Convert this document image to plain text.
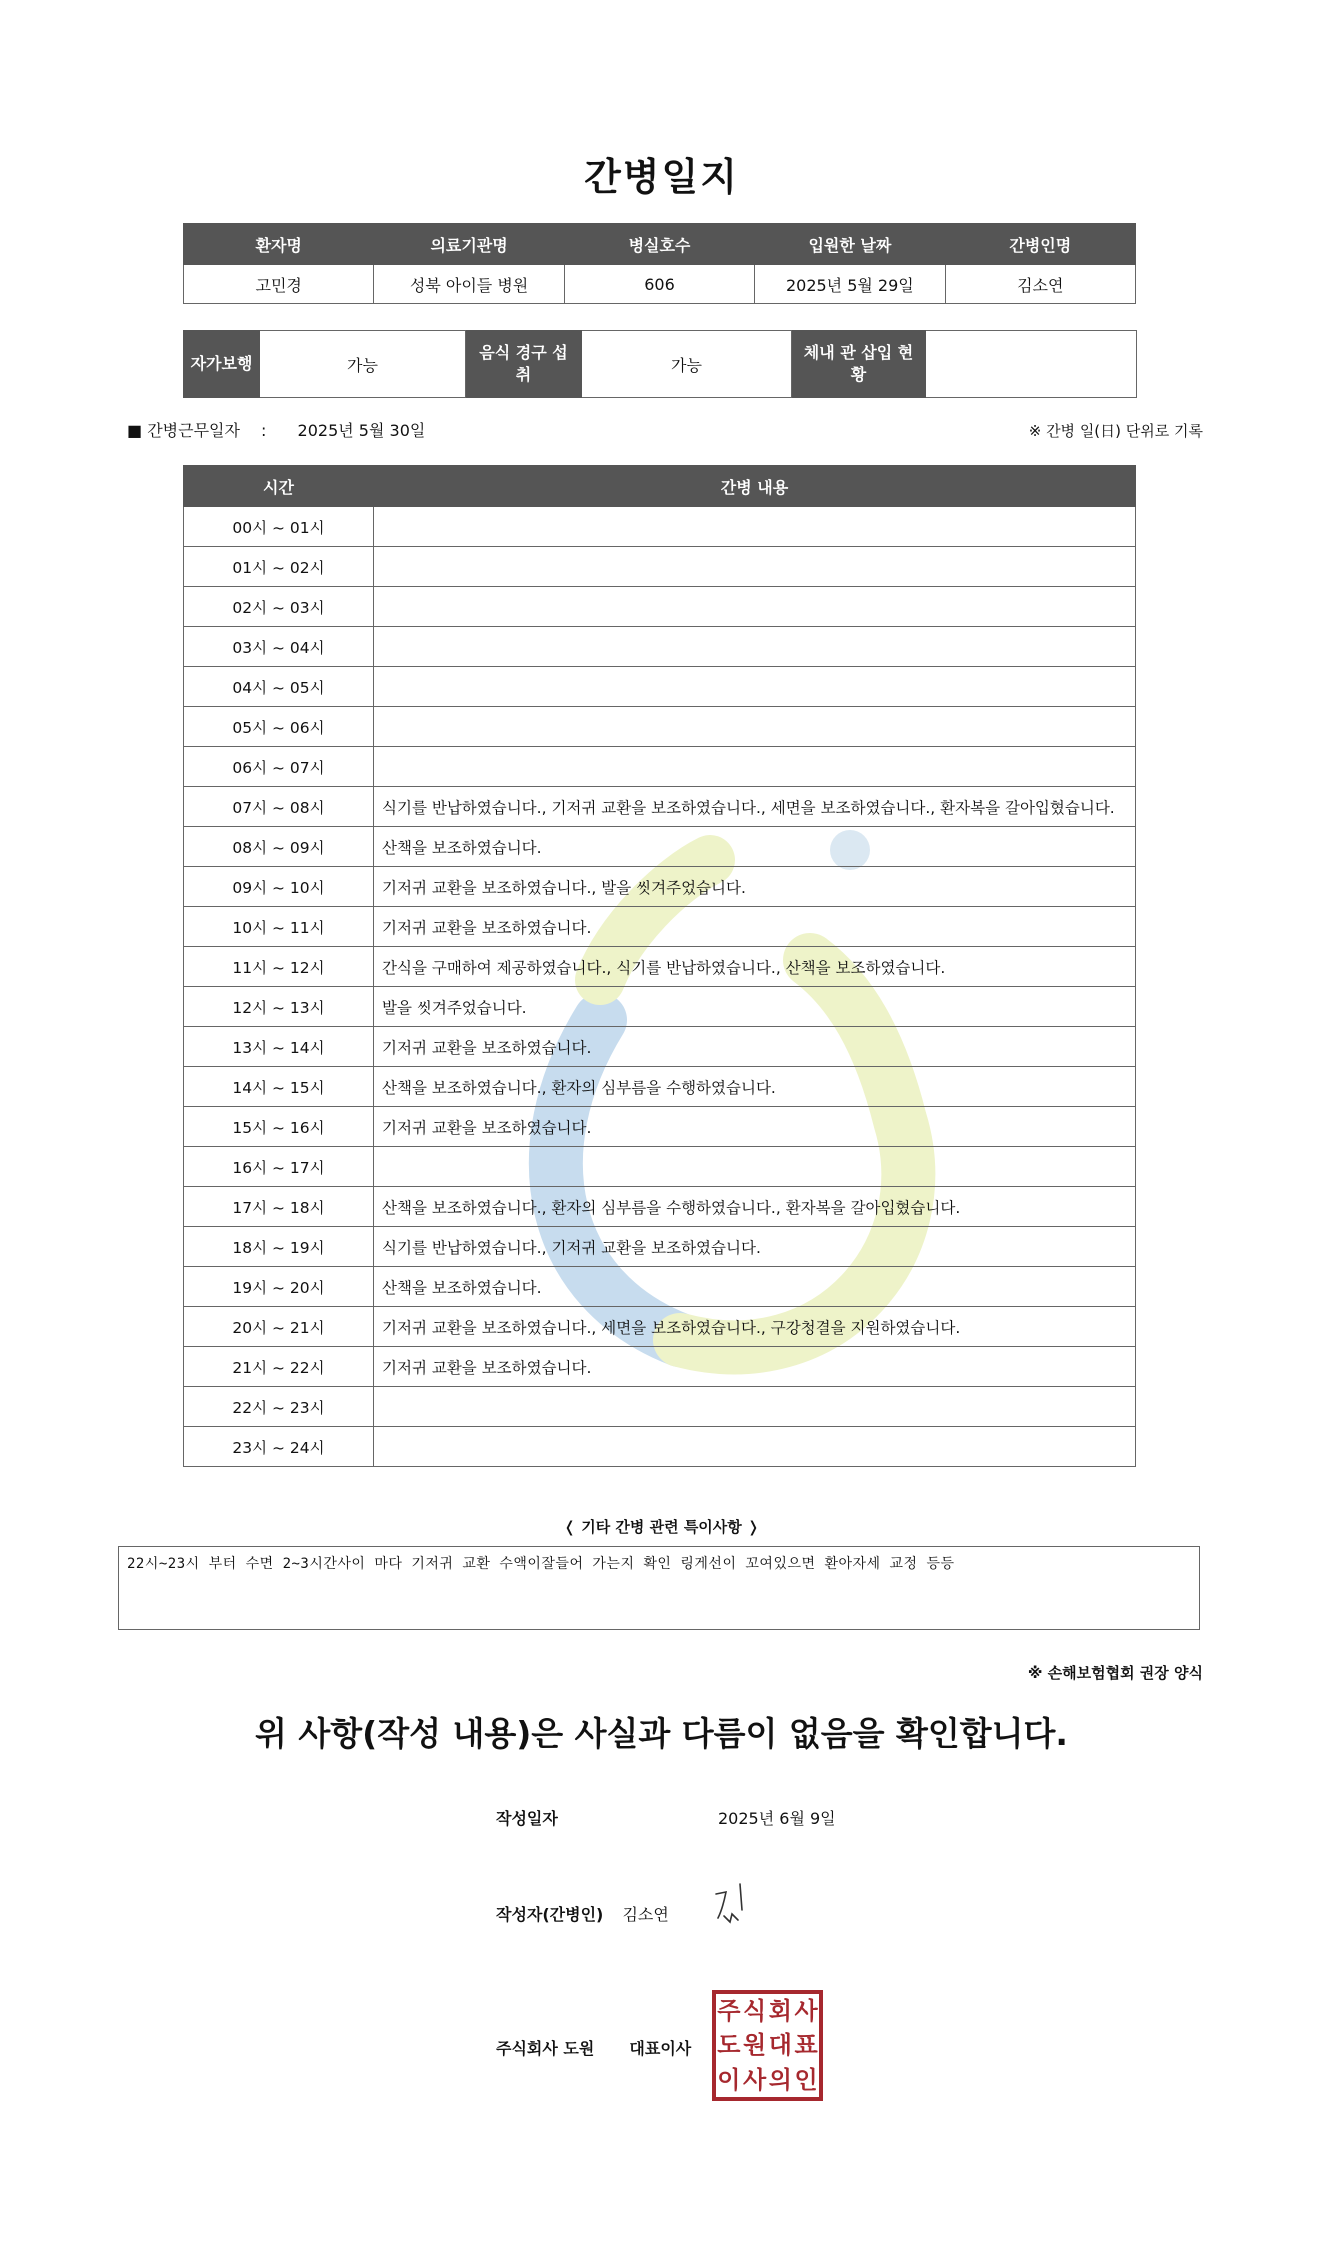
간병일지
환자명	의료기관명	병실호수	입원한 날짜	간병인명
고민경	성북 아이들 병원	606	2025년 5월 29일	김소연
자가보행	가능	음식 경구 섭취	가능	체내 관 삽입 현황	
■ 간병근무일자 : 2025년 5월 30일	※ 간병 일(日) 단위로 기록
시간	간병 내용
00시 ~ 01시	
01시 ~ 02시	
02시 ~ 03시	
03시 ~ 04시	
04시 ~ 05시	
05시 ~ 06시	
06시 ~ 07시	
07시 ~ 08시	식기를 반납하였습니다., 기저귀 교환을 보조하였습니다., 세면을 보조하였습니다., 환자복을 갈아입혔습니다.
08시 ~ 09시	산책을 보조하였습니다.
09시 ~ 10시	기저귀 교환을 보조하였습니다., 발을 씻겨주었습니다.
10시 ~ 11시	기저귀 교환을 보조하였습니다.
11시 ~ 12시	간식을 구매하여 제공하였습니다., 식기를 반납하였습니다., 산책을 보조하였습니다.
12시 ~ 13시	발을 씻겨주었습니다.
13시 ~ 14시	기저귀 교환을 보조하였습니다.
14시 ~ 15시	산책을 보조하였습니다., 환자의 심부름을 수행하였습니다.
15시 ~ 16시	기저귀 교환을 보조하였습니다.
16시 ~ 17시	
17시 ~ 18시	산책을 보조하였습니다., 환자의 심부름을 수행하였습니다., 환자복을 갈아입혔습니다.
18시 ~ 19시	식기를 반납하였습니다., 기저귀 교환을 보조하였습니다.
19시 ~ 20시	산책을 보조하였습니다.
20시 ~ 21시	기저귀 교환을 보조하였습니다., 세면을 보조하였습니다., 구강청결을 지원하였습니다.
21시 ~ 22시	기저귀 교환을 보조하였습니다.
22시 ~ 23시	
23시 ~ 24시	
❬ 기타 간병 관련 특이사항 ❭
22시~23시 부터 수면 2~3시간사이 마다 기저귀 교환 수액이잘들어 가는지 확인 링게선이 꼬여있으면 환아자세 교정 등등
※ 손해보험협회 권장 양식
위 사항(작성 내용)은 사실과 다름이 없음을 확인합니다.
작성일자	2025년 6월 9일
작성자(간병인) 김소연
주식회사 도원 대표이사
주 식 회 사
도 원 대 표
이 사 의 인
